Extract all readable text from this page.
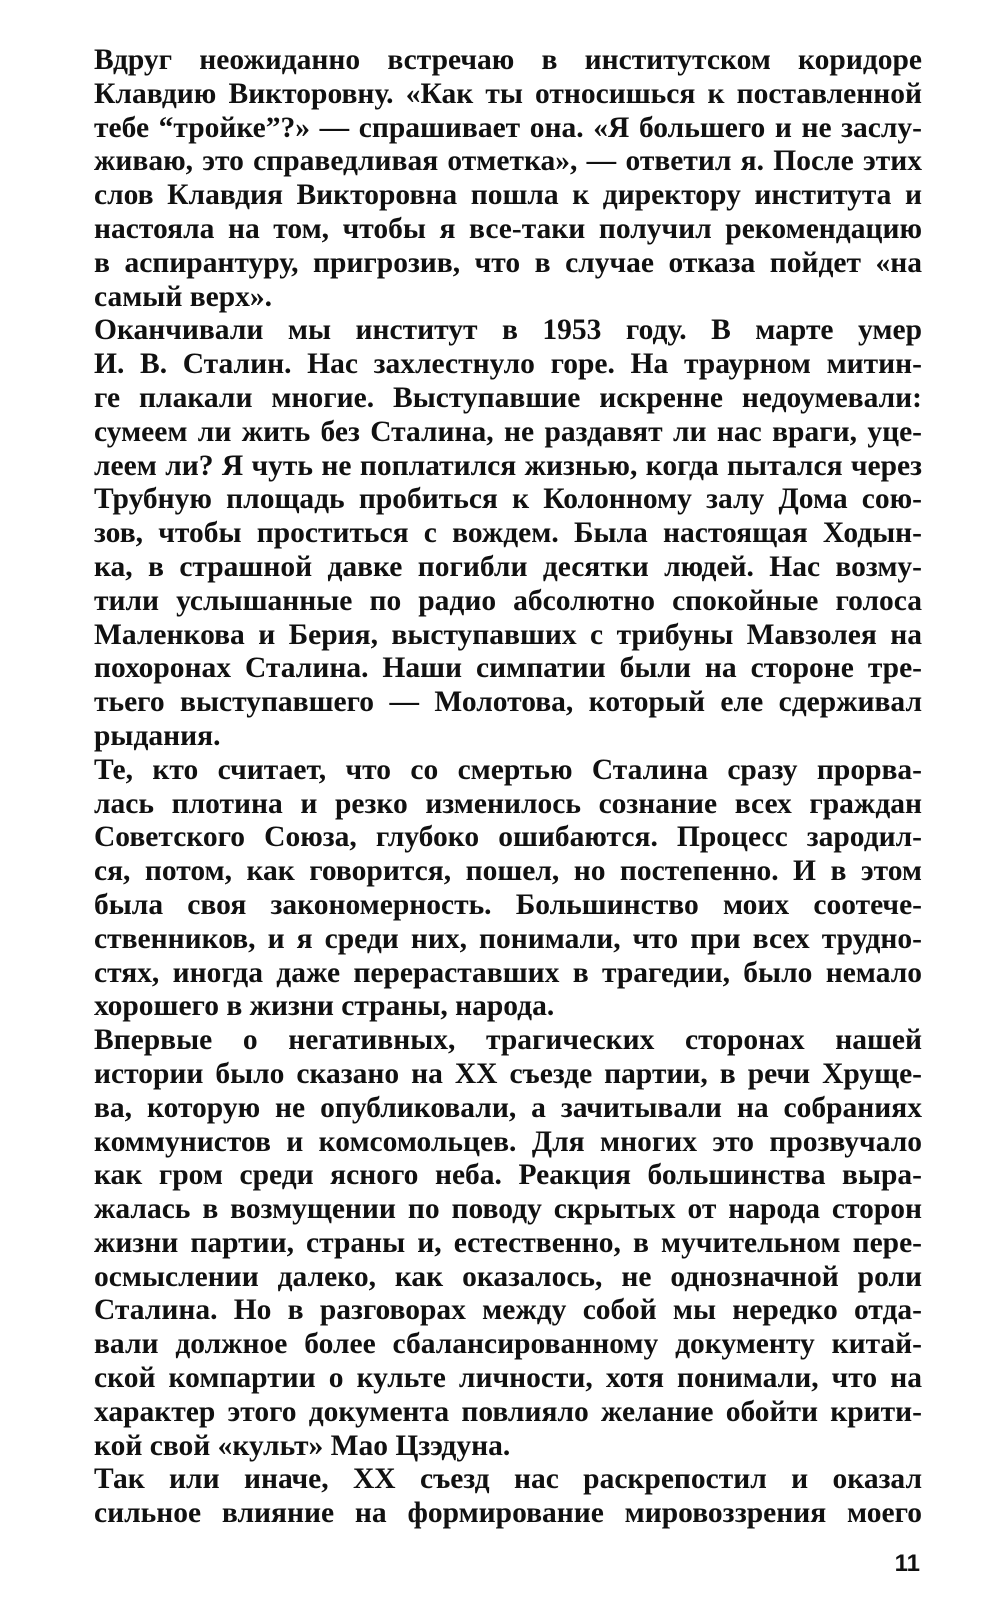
Вдруг неожиданно встречаю в институтском коридоре
Клавдию Викторовну. «Как ты относишься к поставленной
тебе “тройке”?» — спрашивает она. «Я большего и не заслу-
живаю, это справедливая отметка», — ответил я. После этих
слов Клавдия Викторовна пошла к директору института и
настояла на том, чтобы я все-таки получил рекомендацию
в аспирантуру, пригрозив, что в случае отказа пойдет «на
самый верх».
Оканчивали мы институт в 1953 году. В марте умер
И. В. Сталин. Нас захлестнуло горе. На траурном митин-
ге плакали многие. Выступавшие искренне недоумевали:
сумеем ли жить без Сталина, не раздавят ли нас враги, уце-
леем ли? Я чуть не поплатился жизнью, когда пытался через
Трубную площадь пробиться к Колонному залу Дома сою-
зов, чтобы проститься с вождем. Была настоящая Ходын-
ка, в страшной давке погибли десятки людей. Нас возму-
тили услышанные по радио абсолютно спокойные голоса
Маленкова и Берия, выступавших с трибуны Мавзолея на
похоронах Сталина. Наши симпатии были на стороне тре-
тьего выступавшего — Молотова, который еле сдерживал
рыдания.
Те, кто считает, что со смертью Сталина сразу прорва-
лась плотина и резко изменилось сознание всех граждан
Советского Союза, глубоко ошибаются. Процесс зародил-
ся, потом, как говорится, пошел, но постепенно. И в этом
была своя закономерность. Большинство моих соотече-
ственников, и я среди них, понимали, что при всех трудно-
стях, иногда даже перераставших в трагедии, было немало
хорошего в жизни страны, народа.
Впервые о негативных, трагических сторонах нашей
истории было сказано на XX съезде партии, в речи Хруще-
ва, которую не опубликовали, а зачитывали на собраниях
коммунистов и комсомольцев. Для многих это прозвучало
как гром среди ясного неба. Реакция большинства выра-
жалась в возмущении по поводу скрытых от народа сторон
жизни партии, страны и, естественно, в мучительном пере-
осмыслении далеко, как оказалось, не однозначной роли
Сталина. Но в разговорах между собой мы нередко отда-
вали должное более сбалансированному документу китай-
ской компартии о культе личности, хотя понимали, что на
характер этого документа повлияло желание обойти крити-
кой свой «культ» Мао Цзэдуна.
Так или иначе, XX съезд нас раскрепостил и оказал
сильное влияние на формирование мировоззрения моего
11
